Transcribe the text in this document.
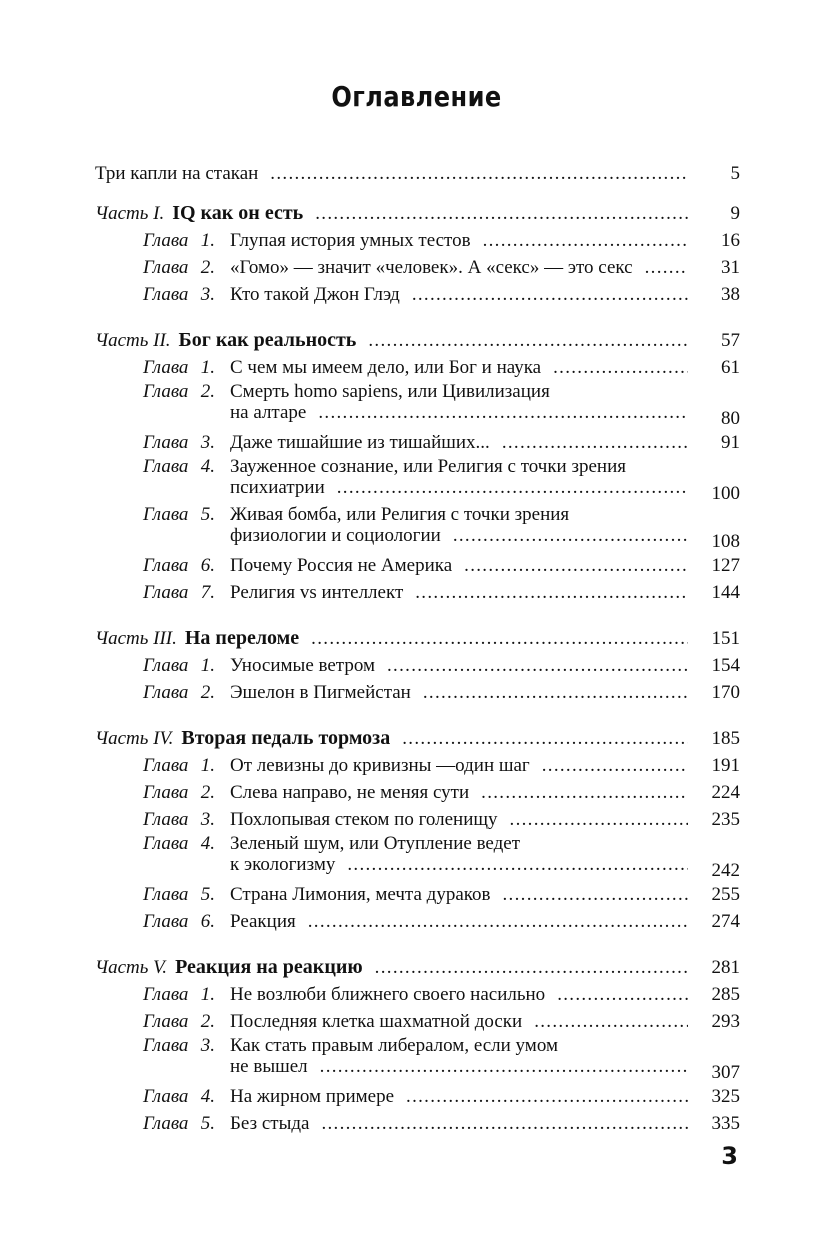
Оглавление
Три капли на стакан .....	5
Часть I. IQ как он есть .....	9
Глава 1. Глупая история умных тестов .....	16
Глава 2. «Гомо» — значит «человек». А «секс» — это секс .....	31
Глава 3. Кто такой Джон Глэд .....	38
Часть II. Бог как реальность .....	57
Глава 1. С чем мы имеем дело, или Бог и наука .....	61
Глава 2. Смерть homo sapiens, или Цивилизация
на алтаре .....	80
Глава 3. Даже тишайшие из тишайших... .....	91
Глава 4. Зауженное сознание, или Религия с точки зрения
психиатрии .....	100
Глава 5. Живая бомба, или Религия с точки зрения
физиологии и социологии .....	108
Глава 6. Почему Россия не Америка .....	127
Глава 7. Религия vs интеллект .....	144
Часть III. На переломе .....	151
Глава 1. Уносимые ветром .....	154
Глава 2. Эшелон в Пигмейстан .....	170
Часть IV. Вторая педаль тормоза .....	185
Глава 1. От левизны до кривизны —один шаг .....	191
Глава 2. Слева направо, не меняя сути .....	224
Глава 3. Похлопывая стеком по голенищу .....	235
Глава 4. Зеленый шум, или Отупление ведет
к экологизму .....	242
Глава 5. Страна Лимония, мечта дураков .....	255
Глава 6. Реакция .....	274
Часть V. Реакция на реакцию .....	281
Глава 1. Не возлюби ближнего своего насильно .....	285
Глава 2. Последняя клетка шахматной доски .....	293
Глава 3. Как стать правым либералом, если умом
не вышел .....	307
Глава 4. На жирном примере .....	325
Глава 5. Без стыда .....	335
3
